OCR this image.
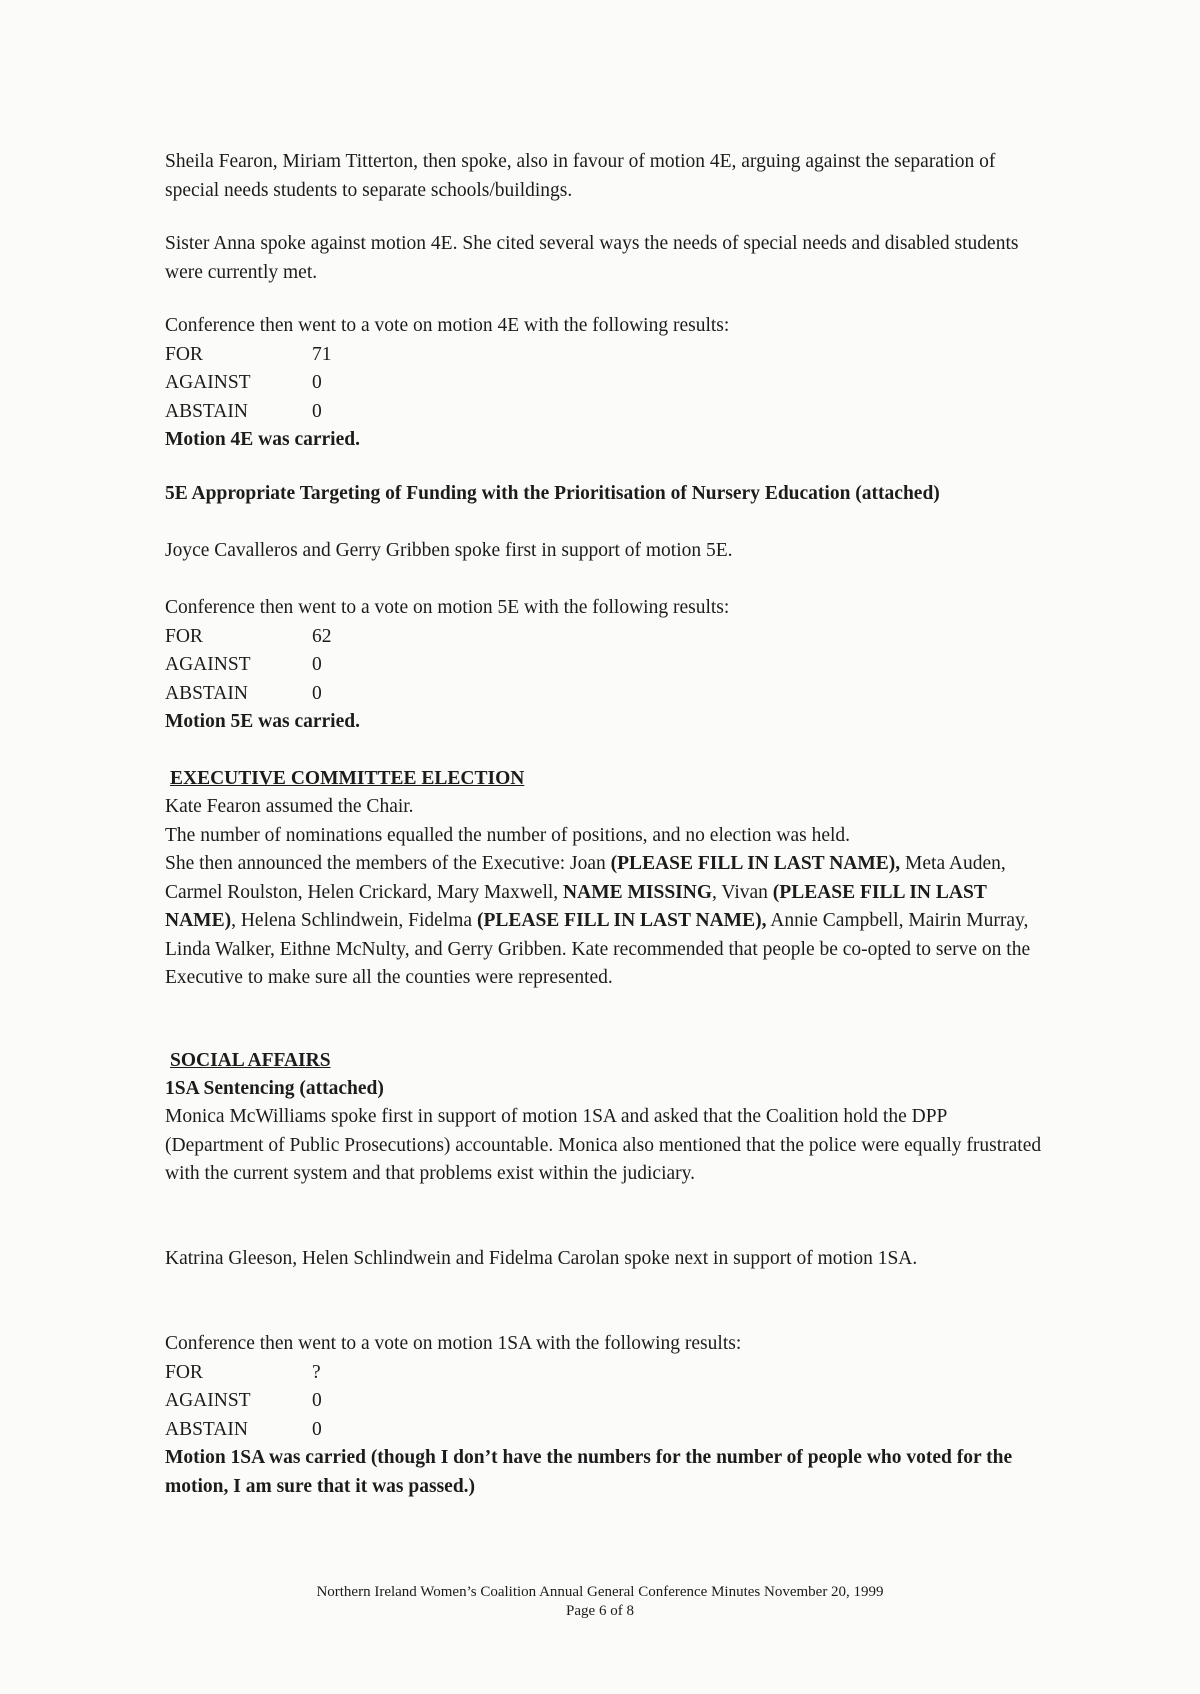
Sheila Fearon, Miriam Titterton, then spoke, also in favour of motion 4E, arguing against the separation of special needs students to separate schools/buildings.

Sister Anna spoke against motion 4E. She cited several ways the needs of special needs and disabled students were currently met.

Conference then went to a vote on motion 4E with the following results:
FOR	71
AGAINST	0
ABSTAIN	0
Motion 4E was carried.

5E Appropriate Targeting of Funding with the Prioritisation of Nursery Education (attached)

Joyce Cavalleros and Gerry Gribben spoke first in support of motion 5E.

Conference then went to a vote on motion 5E with the following results:
FOR	62
AGAINST	0
ABSTAIN	0
Motion 5E was carried.

EXECUTIVE COMMITTEE ELECTION

Kate Fearon assumed the Chair.
The number of nominations equalled the number of positions, and no election was held.
She then announced the members of the Executive: Joan (PLEASE FILL IN LAST NAME), Meta Auden, Carmel Roulston, Helen Crickard, Mary Maxwell, NAME MISSING, Vivan (PLEASE FILL IN LAST NAME), Helena Schlindwein, Fidelma (PLEASE FILL IN LAST NAME), Annie Campbell, Mairin Murray, Linda Walker, Eithne McNulty, and Gerry Gribben. Kate recommended that people be co-opted to serve on the Executive to make sure all the counties were represented.

SOCIAL AFFAIRS

1SA Sentencing (attached)

Monica McWilliams spoke first in support of motion 1SA and asked that the Coalition hold the DPP (Department of Public Prosecutions) accountable. Monica also mentioned that the police were equally frustrated with the current system and that problems exist within the judiciary.

Katrina Gleeson, Helen Schlindwein and Fidelma Carolan spoke next in support of motion 1SA.

Conference then went to a vote on motion 1SA with the following results:
FOR	?
AGAINST	0
ABSTAIN	0
Motion 1SA was carried (though I don’t have the numbers for the number of people who voted for the motion, I am sure that it was passed.)
Northern Ireland Women’s Coalition Annual General Conference Minutes November 20, 1999
Page 6 of 8
